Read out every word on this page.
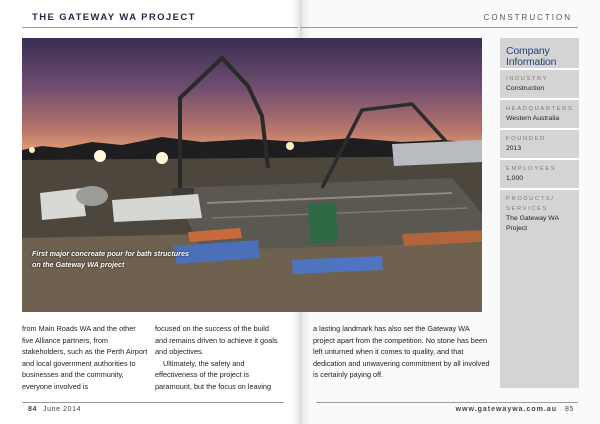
THE GATEWAY WA PROJECT	CONSTRUCTION
First major concreate pour for bath structures on the Gateway WA project
Company Information
INDUSTRY
Construction
HEADQUARTERS
Western Australia
FOUNDED
2013
EMPLOYEES
1,000
PRODUCTS/ SERVICES
The Gateway WA Project

from Main Roads WA and the other five Alliance partners, from stakeholders, such as the Perth Airport and local government authorities to businesses and the community, everyone involved is

focused on the success of the build and remains driven to achieve it goals and objectives.

Ultimately, the safety and effectiveness of the project is paramount, but the focus on leaving

a lasting landmark has also set the Gateway WA project apart from the competition. No stone has been left unturned when it comes to quality, and that dedication and unwavering commitment by all involved is certainly paying off.

84 June 2014	www.gatewaywa.com.au 85
